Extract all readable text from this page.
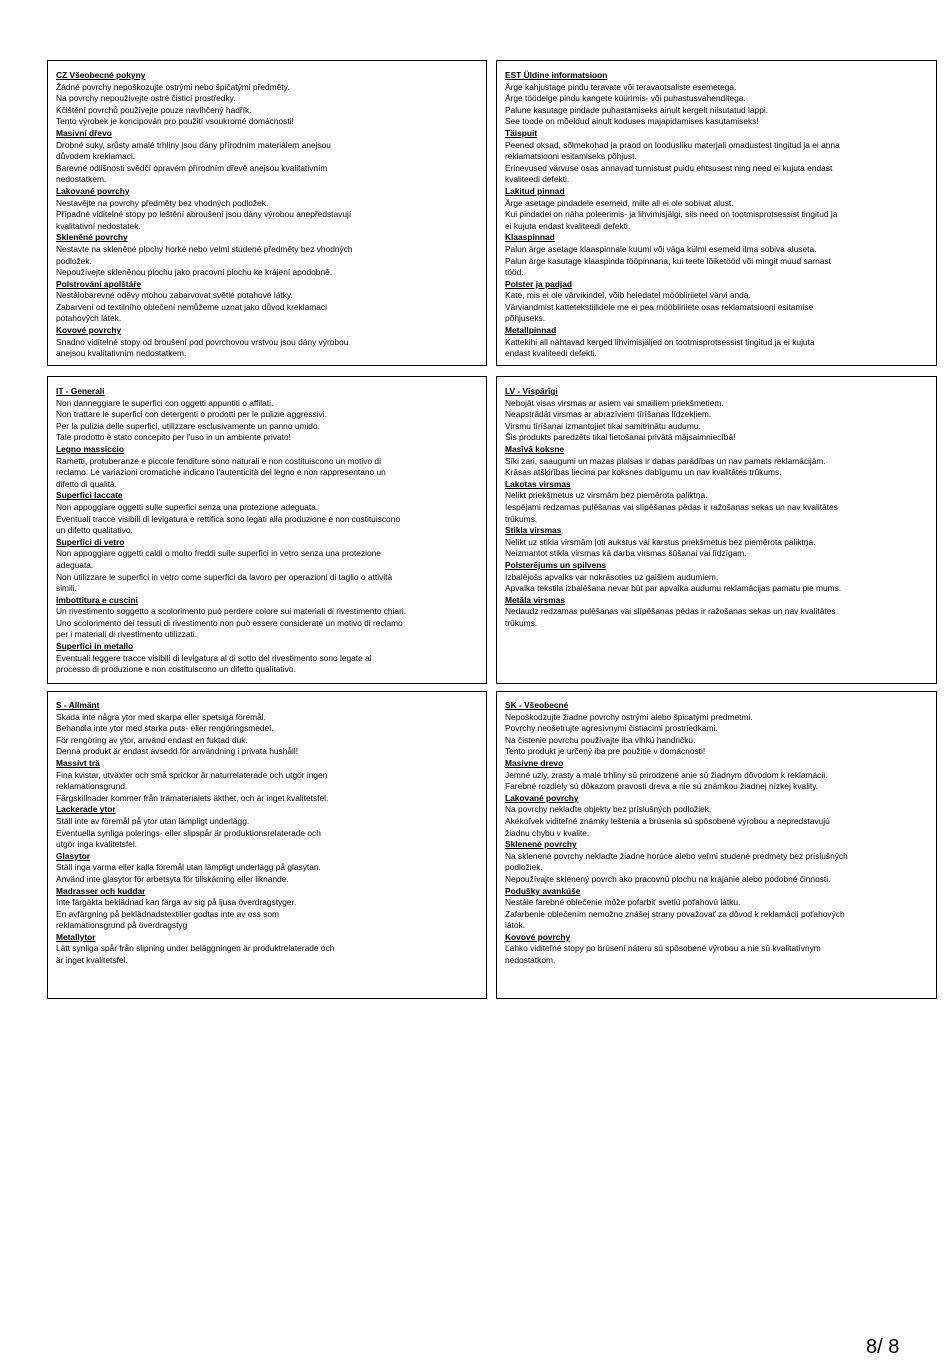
CZ Všeobecné pokyny
Žádné povrchy nepoškozujte ostrými nebo špičatými předměty.
Na povrchy nepoužívejte ostré čisticí prostředky.
Kčištění povrchů používejte pouze navlhčený hadřík.
Tento výrobek je koncipován pro použití vsoukromé domácnosti!
Masivní dřevo
Drobné suky, srůsty amalé trhliny jsou dány přírodním materiálem anejsou
důvodem kreklamaci.
Barevné odlišnosti svědčí opravém přírodním dřevě anejsou kvalitativním
nedostatkem.
Lakované povrchy
Nestavějte na povrchy předměty bez vhodných podložek.
Případné viditelné stopy po leštění abroušení jsou dány výrobou anepředstavují
kvalitativní nedostatek.
Skleněné povrchy
Nestavte na skleněné plochy horké nebo velmi studené předměty bez vhodných
podložek.
Nepoužívejte skleněnou plochu jako pracovní plochu ke krájení apodobně.
Polstrování apolštáře
Nestálobarevné oděvy mohou zabarvovat světlé potahové látky.
Zabarvení od textilního oblečení nemůžeme uznat jako důvod kreklamaci
potahových látek.
Kovové povrchy
Snadno viditelné stopy od broušení pod povrchovou vrstvou jsou dány výrobou
anejsou kvalitativním nedostatkem.
EST Üldine informatsioon
Ärge kahjustage pindu teravate või teravaotsaliste esemetega.
Ärge töödelge pindu kangete küürimis- või puhastusvahenditega.
Palune kasutage pindade puhastamiseks ainult kergelt niisutatud lappi.
See toode on mõeldud ainult koduses majapidamises kasutamiseks!
Täispuit
Peened oksad, sõlmekohad ja praod on loodusliku materjali omadustest tingitud ja ei anna
reklamatsiooni esitamiseks põhjust.
Erinevused värvuse osas annavad tunnistust puidu ehtsusest ning need ei kujuta endast
kvaliteedi defekti.
Lakitud pinnad
Ärge asetage pindadele esemeid, mille all ei ole sobivat alust.
Kui pindadel on näha poleerimis- ja lihvimisjälgi, siis need on tootmisprotsessist tingitud ja
ei kujuta endast kvaliteedi defekti.
Klaaspinnad
Palun ärge asetage klaaspinnale kuumi või väga külmi esemeid ilma sobiva aluseta.
Palun ärge kasutage klaaspinda tööpinnana, kui teete lõiketööd või mingit muud sarnast
tööd.
Polster ja padjad
Kate, mis ei ole värvikindel, võib heledatel mööbliriietel värvi anda.
Värviandmist kattetekstiilidele me ei pea mööbliriiete osas reklamatsiooni esitamise
põhjuseks.
Metallpinnad
Kattekihi all nähtavad kerged lihvimisjäljed on tootmisprotsessist tingitud ja ei kujuta
endast kvaliteedi defekti.
IT - Generali
Non danneggiare le superfici con oggetti appuntiti o affilati.
Non trattare le superfici con detergenti o prodotti per le pulizie aggressivi.
Per la pulizia delle superfici, utilizzare esclusivamente un panno umido.
Tale prodotto è stato concepito per l'uso in un ambiente privato!
Legno massiccio
Rametti, protuberanze e piccole fenditure sono naturali e non costituiscono un motivo di
reclamo. Le variazioni cromatiche indicano l'autenticità del legno e non rappresentano un
difetto di qualità.
Superfici laccate
Non appoggiare oggetti sulle superfici senza una protezione adeguata.
Eventuali tracce visibili di levigatura e rettifica sono legati alla produzione e non costituiscono
un difetto qualitativo.
Superfici di vetro
Non appoggiare oggetti caldi o molto freddi sulle superfici in vetro senza una protezione
adeguata.
Non utilizzare le superfici in vetro come superfici da lavoro per operazioni di taglio o attività
simili.
Imbottitura e cuscini
Un rivestimento soggetto a scolorimento può perdere colore sui materiali di rivestimento chiari.
Uno scolorimento dei tessuti di rivestimento non può essere considerate un motivo di reclamo
per i materiali di rivestimento utilizzati.
Superfici in metallo
Eventuali leggere tracce visibili di levigatura al di sotto del rivestimento sono legate al
processo di produzione e non costituiscono un difetto qualitativo.
LV - Vispārīgi
Nebojāt visas virsmas ar asiem vai smailiem priekšmetiem.
Neapstrādāt virsmas ar abrazīviem tīrīšanas līdzekļiem.
Virsmu tīrīšanai izmantojiet tikai samitrinātu audumu.
Šis produkts paredzēts tikai lietošanai privātā mājsaimniecībā!
Masīvā koksne
Sīki zari, saaugumi un mazas plaisas ir dabas parādības un nav pamats reklamācijām.
Krāsas atšķirības liecina par koksnes dabīgumu un nav kvalitātes trūkums.
Lakotas virsmas
Nelikt priekšmetus uz virsmām bez piemērota paliktņa.
Iespējami redzamas pulēšanas vai slīpēšanas pēdas ir ražošanas sekas un nav kvalitātes
trūkums.
Stikla virsmas
Nelikt uz stikla virsmām ļoti aukstus vai karstus priekšmetus bez piemērota paliktņa.
Neizmantot stikla virsmas kā darba virsmas šūšanai vai līdzīgam.
Polsterējums un spilvens
Izbalējošs apvalks var nokrāsoties uz gaišiem audumiem.
Apvalka tekstila izbalēšana nevar būt par apvalka audumu reklamācijas pamatu pie mums.
Metāla virsmas
Nedaudz redzamas pulēšanas vai slīpēšanas pēdas ir ražošanas sekas un nav kvalitātes
trūkums.
S - Allmänt
Skada inte några ytor med skarpa eller spetsiga föremål.
Behandla inte ytor med starka puts- eller rengöringsmedel.
För rengöring av ytor, använd endast en fuktad duk.
Denna produkt är endast avsedd för användning i privata hushåll!
Massivt trä
Fina kvistar, utväxter och små sprickor är naturrelaterade och utgör ingen
reklamationsgrund.
Färgskillnader kommer från trämaterialets äkthet, och är inget kvalitetsfel.
Lackerade ytor
Ställ inte av föremål på ytor utan lämpligt underlägg.
Eventuella synliga polerings- eller slipspår är produktionsrelaterade och
utgör inga kvalitetsfel.
Glasytor
Ställ inga varma eller kalla föremål utan lämpligt underlägg på glasytan.
Använd inte glasytor för arbetsyta för tillskärning eller liknande.
Madrasser och kuddar
Inte färgäkta beklädnad kan färga av sig på ljusa överdragstyger.
En avfärgning på beklädnadstextilier godtas inte av oss som
reklamationsgrund på överdragstyg
Metallytor
Lätt synliga spår från slipning under beläggningen är produktrelaterade och
är inget kvalitetsfel.
SK - Všeobecné
Nepoškodzujte žiadne povrchy ostrými alebo špicatými predmetmi.
Povrchy neošetrujte agresívnymi čistiacimi prostriedkami.
Na čistenie povrchu používajte iba vlhkú handričku.
Tento produkt je určený iba pre použitie v domácnosti!
Masívne drevo
Jemné uzly, zrasty a malé trhliny sú prirodzené anie sú žiadnym dôvodom k reklamácii.
Farebné rozdiely sú dôkazom pravosti dreva a nie sú známkou žiadnej nízkej kvality.
Lakované povrchy
Na povrchy neklaďte objekty bez príslušných podložiek.
Akékoľvek viditeľné známky leštenia a brúsenia sú spôsobené výrobou a nepredstavujú
žiadnu chybu v kvalite.
Sklenené povrchy
Na sklenené povrchy neklaďte žiadne horúce alebo veľmi studené predmety bez príslušných
podložiek.
Nepoužívajte sklenený povrch ako pracovnú plochu na krájanie alebo podobné činnosti.
Podušky avankúše
Nestále farebné oblečenie môže pofarbiť svetlú poťahovú látku.
Zafarbenie oblečením nemožno znášej strany považovať za dôvod k reklamácii poťahových
látok.
Kovové povrchy
Ľahko viditeľné stopy po brúsení náteru sú spôsobené výrobou a nie sú kvalitatívnym
nedostatkom.
8/ 8
